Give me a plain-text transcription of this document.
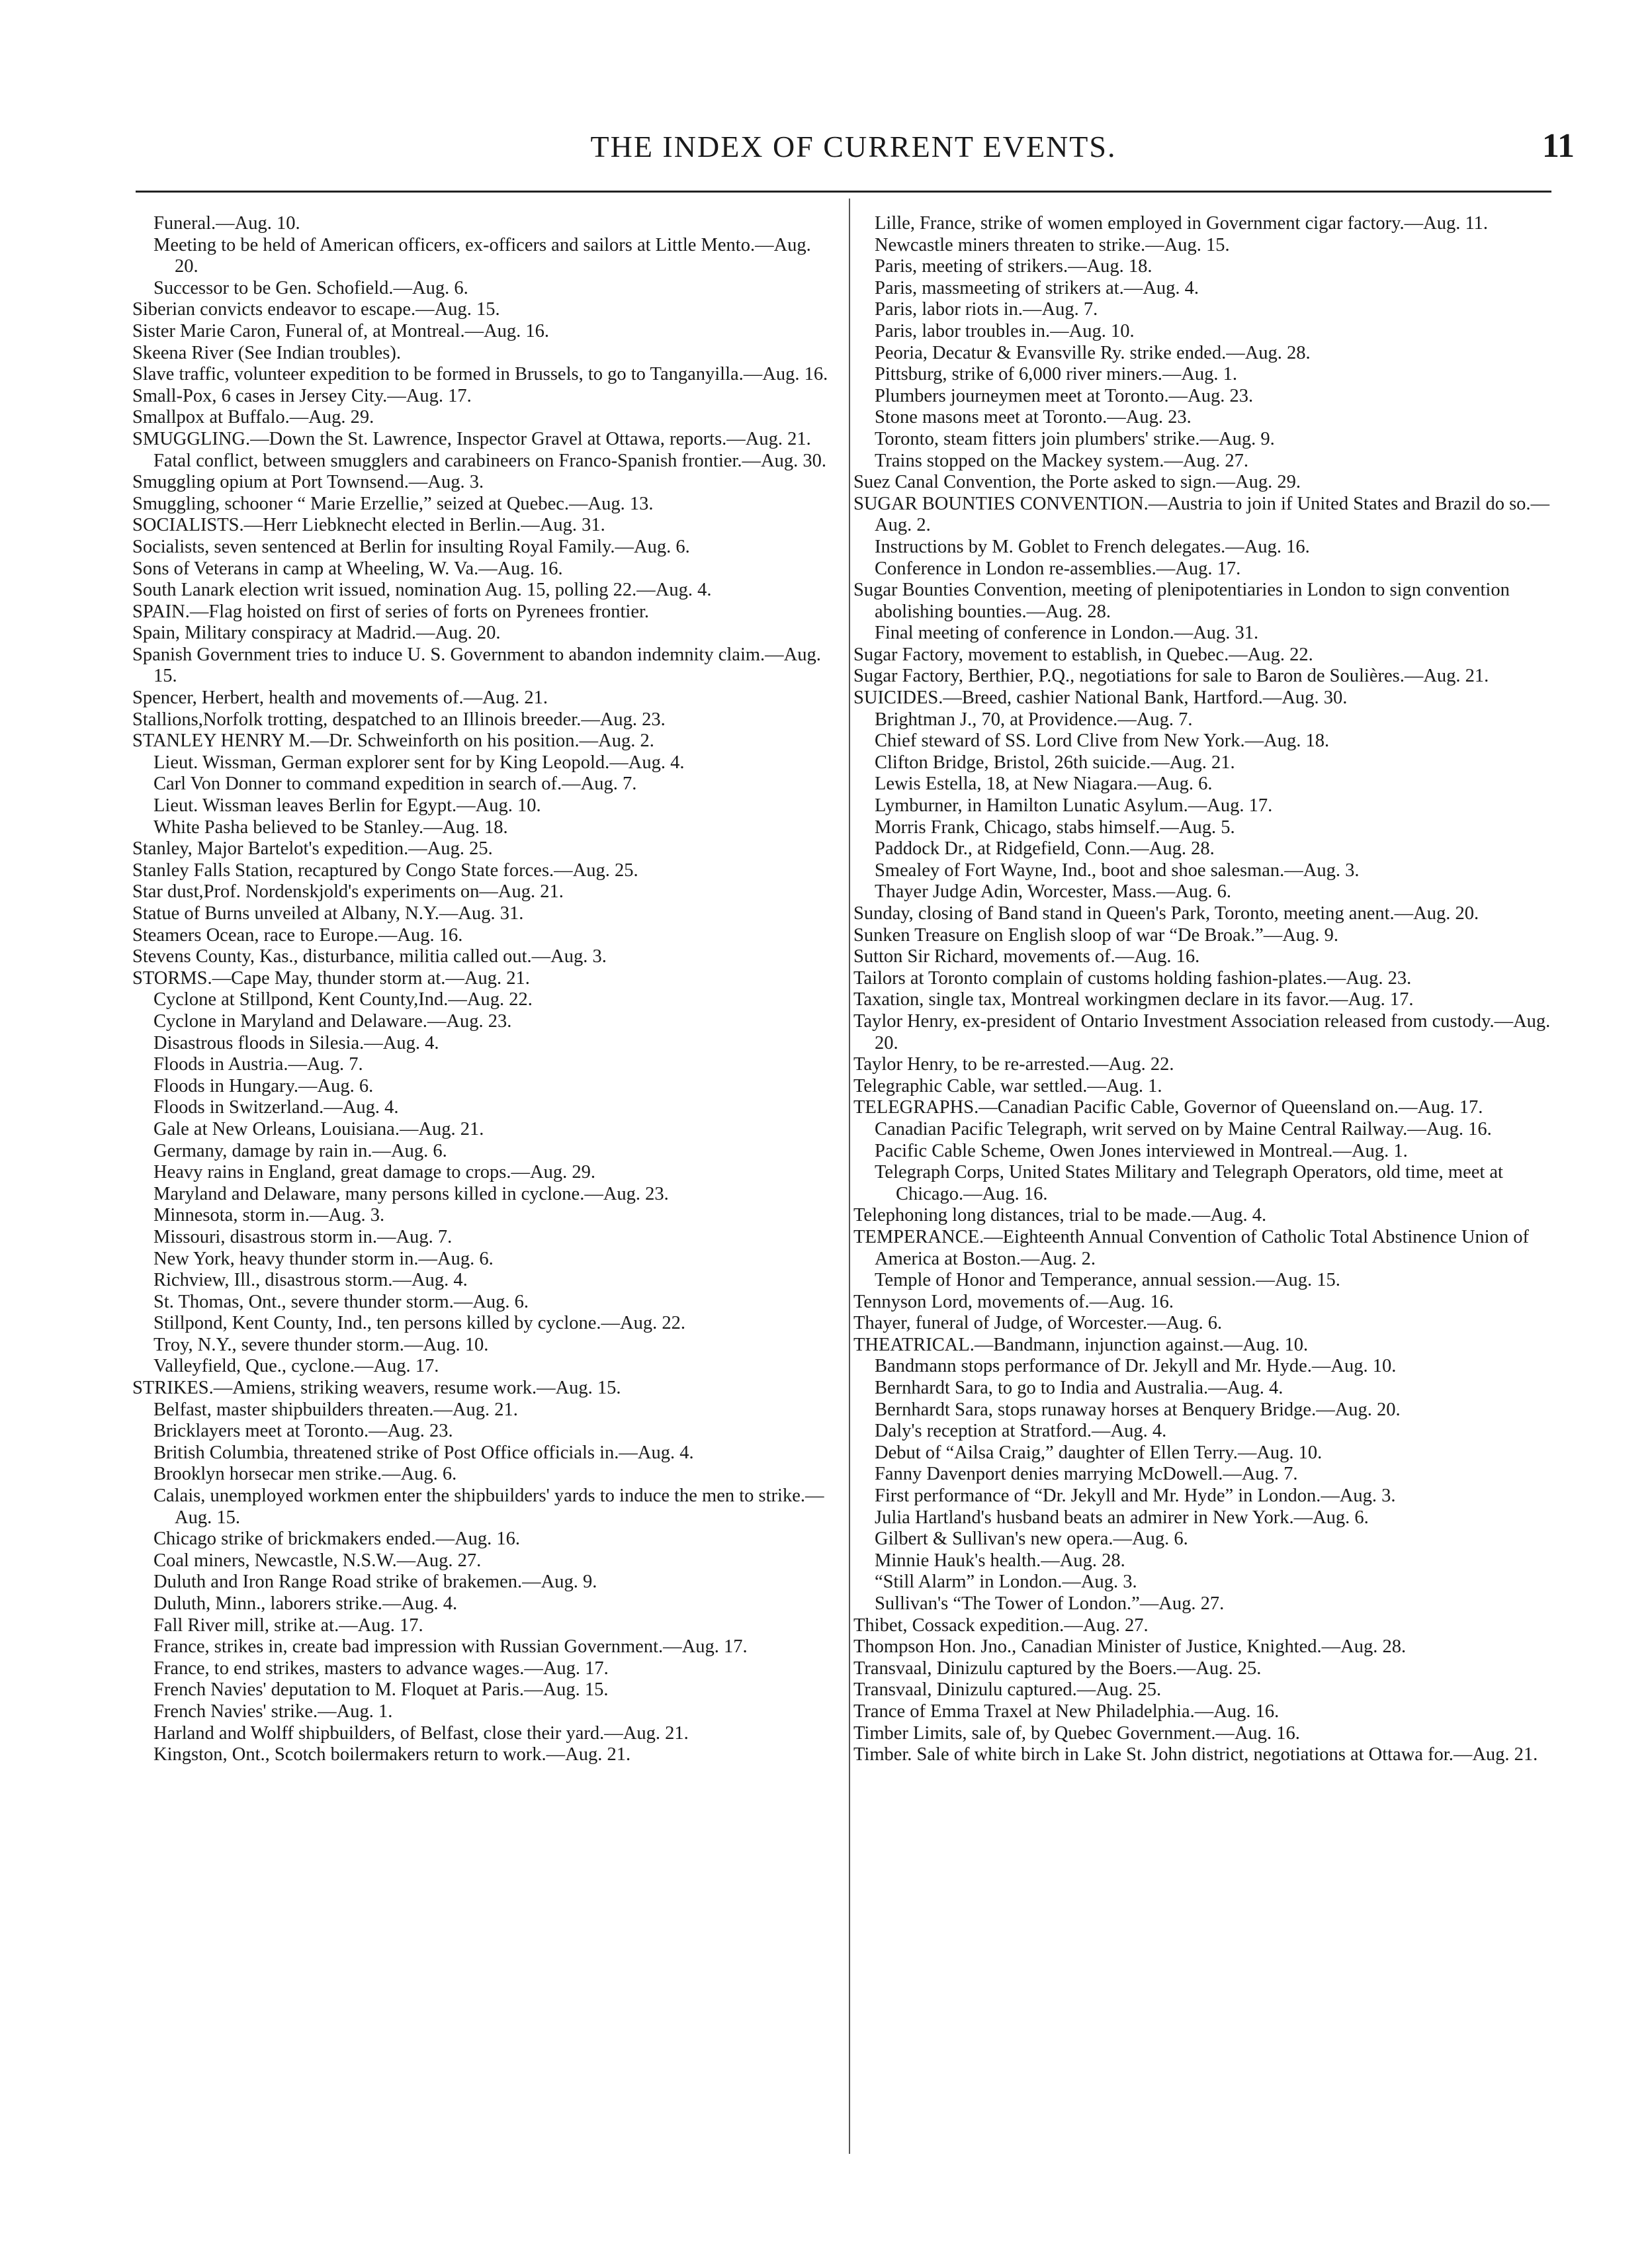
THE INDEX OF CURRENT EVENTS.	11

Funeral.—Aug. 10.

Meeting to be held of American officers, ex-officers and sailors at Little Mento.—Aug. 20.

Successor to be Gen. Schofield.—Aug. 6.

Siberian convicts endeavor to escape.—Aug. 15.

Sister Marie Caron, Funeral of, at Montreal.—Aug. 16.

Skeena River (See Indian troubles).

Slave traffic, volunteer expedition to be formed in Brussels, to go to Tanganyilla.—Aug. 16.

Small-Pox, 6 cases in Jersey City.—Aug. 17.

Smallpox at Buffalo.—Aug. 29.

SMUGGLING.—Down the St. Lawrence, Inspector Gravel at Ottawa, reports.—Aug. 21.

Fatal conflict, between smugglers and carabineers on Franco-Spanish frontier.—Aug. 30.

Smuggling opium at Port Townsend.—Aug. 3.

Smuggling, schooner “ Marie Erzellie,” seized at Quebec.—Aug. 13.

SOCIALISTS.—Herr Liebknecht elected in Berlin.—Aug. 31.

Socialists, seven sentenced at Berlin for insulting Royal Family.—Aug. 6.

Sons of Veterans in camp at Wheeling, W. Va.—Aug. 16.

South Lanark election writ issued, nomination Aug. 15, polling 22.—Aug. 4.

SPAIN.—Flag hoisted on first of series of forts on Pyrenees frontier.

Spain, Military conspiracy at Madrid.—Aug. 20.

Spanish Government tries to induce U. S. Government to abandon indemnity claim.—Aug. 15.

Spencer, Herbert, health and movements of.—Aug. 21.

Stallions,Norfolk trotting, despatched to an Illinois breeder.—Aug. 23.

STANLEY HENRY M.—Dr. Schweinforth on his position.—Aug. 2.

Lieut. Wissman, German explorer sent for by King Leopold.—Aug. 4.

Carl Von Donner to command expedition in search of.—Aug. 7.

Lieut. Wissman leaves Berlin for Egypt.—Aug. 10.

White Pasha believed to be Stanley.—Aug. 18.

Stanley, Major Bartelot's expedition.—Aug. 25.

Stanley Falls Station, recaptured by Congo State forces.—Aug. 25.

Star dust,Prof. Nordenskjold's experiments on—Aug. 21.

Statue of Burns unveiled at Albany, N.Y.—Aug. 31.

Steamers Ocean, race to Europe.—Aug. 16.

Stevens County, Kas., disturbance, militia called out.—Aug. 3.

STORMS.—Cape May, thunder storm at.—Aug. 21.

Cyclone at Stillpond, Kent County,Ind.—Aug. 22.

Cyclone in Maryland and Delaware.—Aug. 23.

Disastrous floods in Silesia.—Aug. 4.

Floods in Austria.—Aug. 7.

Floods in Hungary.—Aug. 6.

Floods in Switzerland.—Aug. 4.

Gale at New Orleans, Louisiana.—Aug. 21.

Germany, damage by rain in.—Aug. 6.

Heavy rains in England, great damage to crops.—Aug. 29.

Maryland and Delaware, many persons killed in cyclone.—Aug. 23.

Minnesota, storm in.—Aug. 3.

Missouri, disastrous storm in.—Aug. 7.

New York, heavy thunder storm in.—Aug. 6.

Richview, Ill., disastrous storm.—Aug. 4.

St. Thomas, Ont., severe thunder storm.—Aug. 6.

Stillpond, Kent County, Ind., ten persons killed by cyclone.—Aug. 22.

Troy, N.Y., severe thunder storm.—Aug. 10.

Valleyfield, Que., cyclone.—Aug. 17.

STRIKES.—Amiens, striking weavers, resume work.—Aug. 15.

Belfast, master shipbuilders threaten.—Aug. 21.

Bricklayers meet at Toronto.—Aug. 23.

British Columbia, threatened strike of Post Office officials in.—Aug. 4.

Brooklyn horsecar men strike.—Aug. 6.

Calais, unemployed workmen enter the shipbuilders' yards to induce the men to strike.—Aug. 15.

Chicago strike of brickmakers ended.—Aug. 16.

Coal miners, Newcastle, N.S.W.—Aug. 27.

Duluth and Iron Range Road strike of brakemen.—Aug. 9.

Duluth, Minn., laborers strike.—Aug. 4.

Fall River mill, strike at.—Aug. 17.

France, strikes in, create bad impression with Russian Government.—Aug. 17.

France, to end strikes, masters to advance wages.—Aug. 17.

French Navies' deputation to M. Floquet at Paris.—Aug. 15.

French Navies' strike.—Aug. 1.

Harland and Wolff shipbuilders, of Belfast, close their yard.—Aug. 21.

Kingston, Ont., Scotch boilermakers return to work.—Aug. 21.

Lille, France, strike of women employed in Government cigar factory.—Aug. 11.

Newcastle miners threaten to strike.—Aug. 15.

Paris, meeting of strikers.—Aug. 18.

Paris, massmeeting of strikers at.—Aug. 4.

Paris, labor riots in.—Aug. 7.

Paris, labor troubles in.—Aug. 10.

Peoria, Decatur & Evansville Ry. strike ended.—Aug. 28.

Pittsburg, strike of 6,000 river miners.—Aug. 1.

Plumbers journeymen meet at Toronto.—Aug. 23.

Stone masons meet at Toronto.—Aug. 23.

Toronto, steam fitters join plumbers' strike.—Aug. 9.

Trains stopped on the Mackey system.—Aug. 27.

Suez Canal Convention, the Porte asked to sign.—Aug. 29.

SUGAR BOUNTIES CONVENTION.—Austria to join if United States and Brazil do so.—Aug. 2.

Instructions by M. Goblet to French delegates.—Aug. 16.

Conference in London re-assemblies.—Aug. 17.

Sugar Bounties Convention, meeting of plenipotentiaries in London to sign convention abolishing bounties.—Aug. 28.

Final meeting of conference in London.—Aug. 31.

Sugar Factory, movement to establish, in Quebec.—Aug. 22.

Sugar Factory, Berthier, P.Q., negotiations for sale to Baron de Soulières.—Aug. 21.

SUICIDES.—Breed, cashier National Bank, Hartford.—Aug. 30.

Brightman J., 70, at Providence.—Aug. 7.

Chief steward of SS. Lord Clive from New York.—Aug. 18.

Clifton Bridge, Bristol, 26th suicide.—Aug. 21.

Lewis Estella, 18, at New Niagara.—Aug. 6.

Lymburner, in Hamilton Lunatic Asylum.—Aug. 17.

Morris Frank, Chicago, stabs himself.—Aug. 5.

Paddock Dr., at Ridgefield, Conn.—Aug. 28.

Smealey of Fort Wayne, Ind., boot and shoe salesman.—Aug. 3.

Thayer Judge Adin, Worcester, Mass.—Aug. 6.

Sunday, closing of Band stand in Queen's Park, Toronto, meeting anent.—Aug. 20.

Sunken Treasure on English sloop of war “De Broak.”—Aug. 9.

Sutton Sir Richard, movements of.—Aug. 16.

Tailors at Toronto complain of customs holding fashion-plates.—Aug. 23.

Taxation, single tax, Montreal workingmen declare in its favor.—Aug. 17.

Taylor Henry, ex-president of Ontario Investment Association released from custody.—Aug. 20.

Taylor Henry, to be re-arrested.—Aug. 22.

Telegraphic Cable, war settled.—Aug. 1.

TELEGRAPHS.—Canadian Pacific Cable, Governor of Queensland on.—Aug. 17.

Canadian Pacific Telegraph, writ served on by Maine Central Railway.—Aug. 16.

Pacific Cable Scheme, Owen Jones interviewed in Montreal.—Aug. 1.

Telegraph Corps, United States Military and Telegraph Operators, old time, meet at Chicago.—Aug. 16.

Telephoning long distances, trial to be made.—Aug. 4.

TEMPERANCE.—Eighteenth Annual Convention of Catholic Total Abstinence Union of America at Boston.—Aug. 2.

Temple of Honor and Temperance, annual session.—Aug. 15.

Tennyson Lord, movements of.—Aug. 16.

Thayer, funeral of Judge, of Worcester.—Aug. 6.

THEATRICAL.—Bandmann, injunction against.—Aug. 10.

Bandmann stops performance of Dr. Jekyll and Mr. Hyde.—Aug. 10.

Bernhardt Sara, to go to India and Australia.—Aug. 4.

Bernhardt Sara, stops runaway horses at Benquery Bridge.—Aug. 20.

Daly's reception at Stratford.—Aug. 4.

Debut of “Ailsa Craig,” daughter of Ellen Terry.—Aug. 10.

Fanny Davenport denies marrying McDowell.—Aug. 7.

First performance of “Dr. Jekyll and Mr. Hyde” in London.—Aug. 3.

Julia Hartland's husband beats an admirer in New York.—Aug. 6.

Gilbert & Sullivan's new opera.—Aug. 6.

Minnie Hauk's health.—Aug. 28.

“Still Alarm” in London.—Aug. 3.

Sullivan's “The Tower of London.”—Aug. 27.

Thibet, Cossack expedition.—Aug. 27.

Thompson Hon. Jno., Canadian Minister of Justice, Knighted.—Aug. 28.

Transvaal, Dinizulu captured by the Boers.—Aug. 25.

Transvaal, Dinizulu captured.—Aug. 25.

Trance of Emma Traxel at New Philadelphia.—Aug. 16.

Timber Limits, sale of, by Quebec Government.—Aug. 16.

Timber. Sale of white birch in Lake St. John district, negotiations at Ottawa for.—Aug. 21.
